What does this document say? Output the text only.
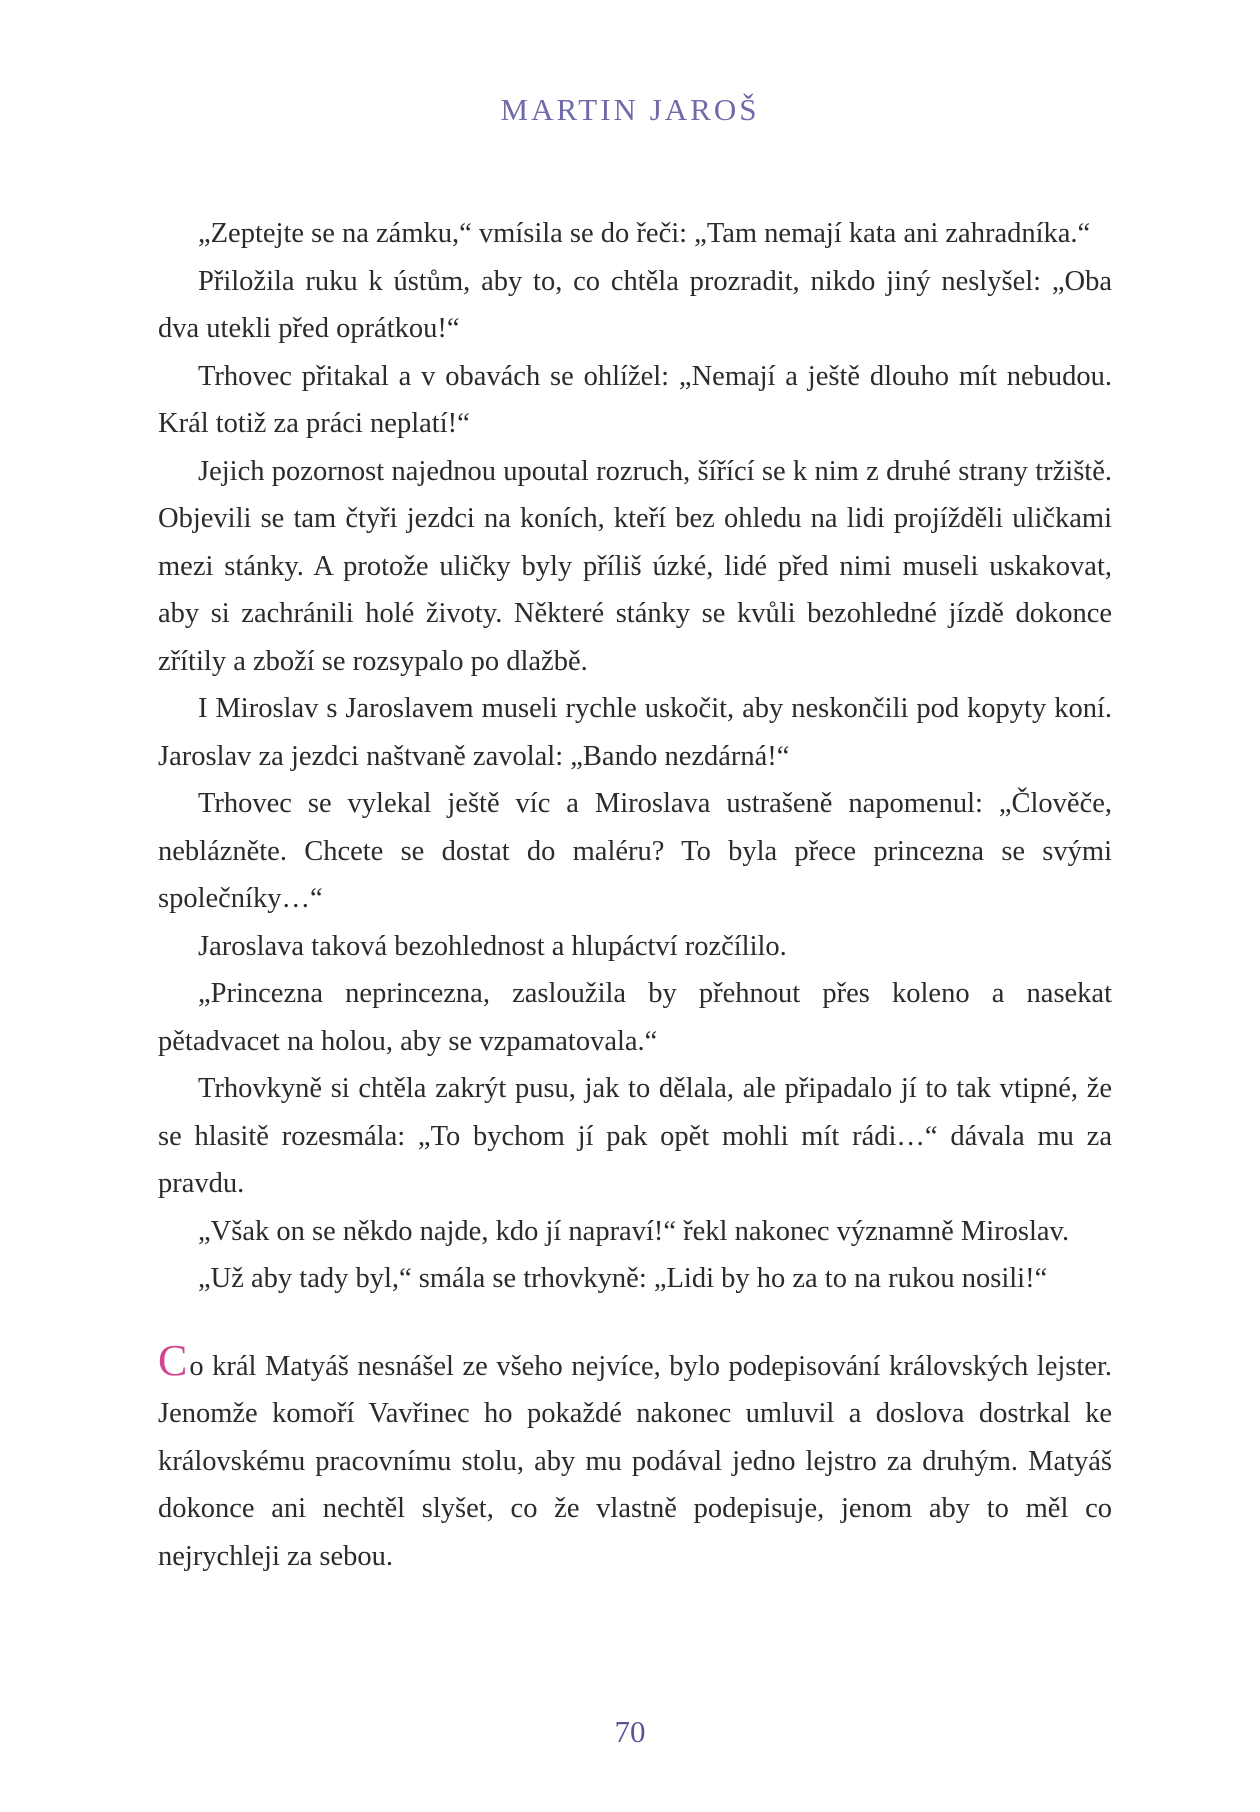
MARTIN JAROŠ

„Zeptejte se na zámku,“ vmísila se do řeči: „Tam nemají kata ani zahradníka.“

Přiložila ruku k ústům, aby to, co chtěla prozradit, nikdo jiný neslyšel: „Oba dva utekli před oprátkou!“

Trhovec přitakal a v obavách se ohlížel: „Nemají a ještě dlouho mít nebudou. Král totiž za práci neplatí!“

Jejich pozornost najednou upoutal rozruch, šířící se k nim z druhé strany tržiště. Objevili se tam čtyři jezdci na koních, kteří bez ohledu na lidi projížděli uličkami mezi stánky. A protože uličky byly příliš úzké, lidé před nimi museli uskakovat, aby si zachránili holé životy. Některé stánky se kvůli bezohledné jízdě dokonce zřítily a zboží se rozsypalo po dlažbě.

I Miroslav s Jaroslavem museli rychle uskočit, aby neskončili pod kopyty koní. Jaroslav za jezdci naštvaně zavolal: „Bando nezdárná!“

Trhovec se vylekal ještě víc a Miroslava ustrašeně napomenul: „Člověče, neblázněte. Chcete se dostat do maléru? To byla přece princezna se svými společníky…“

Jaroslava taková bezohlednost a hlupáctví rozčílilo.

„Princezna neprincezna, zasloužila by přehnout přes koleno a nasekat pětadvacet na holou, aby se vzpamatovala.“

Trhovkyně si chtěla zakrýt pusu, jak to dělala, ale připadalo jí to tak vtipné, že se hlasitě rozesmála: „To bychom jí pak opět mohli mít rádi…“ dávala mu za pravdu.

„Však on se někdo najde, kdo jí napraví!“ řekl nakonec významně Miroslav.

„Už aby tady byl,“ smála se trhovkyně: „Lidi by ho za to na rukou nosili!“

Co král Matyáš nesnášel ze všeho nejvíce, bylo podepisování královských lejster. Jenomže komoří Vavřinec ho pokaždé nakonec umluvil a doslova dostrkal ke královskému pracovnímu stolu, aby mu podával jedno lejstro za druhým. Matyáš dokonce ani nechtěl slyšet, co že vlastně podepisuje, jenom aby to měl co nejrychleji za sebou.

70
